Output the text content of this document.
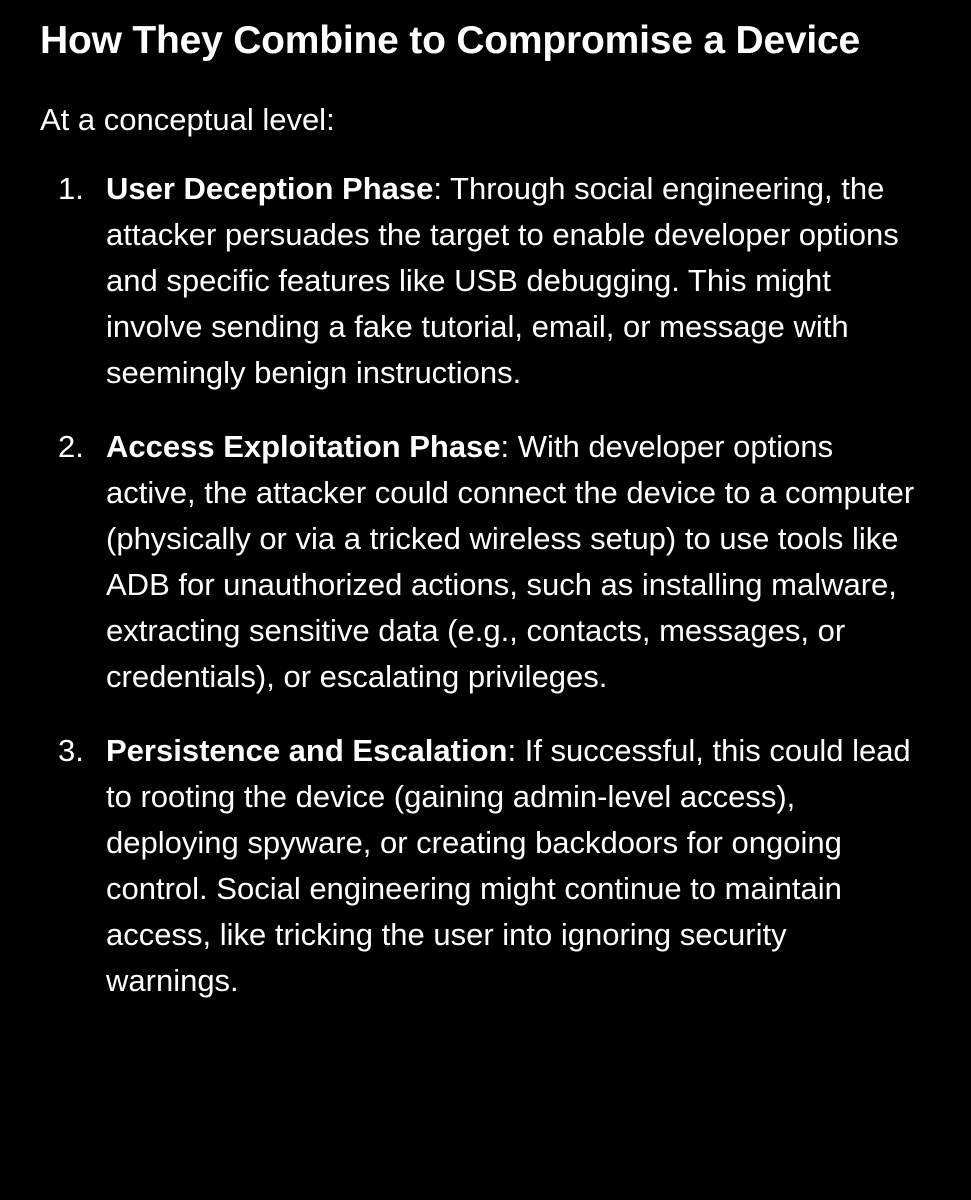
How They Combine to Compromise a Device

At a conceptual level:

1. User Deception Phase: Through social engineering, the attacker persuades the target to enable developer options and specific features like USB debugging. This might involve sending a fake tutorial, email, or message with seemingly benign instructions.
2. Access Exploitation Phase: With developer options active, the attacker could connect the device to a computer (physically or via a tricked wireless setup) to use tools like ADB for unauthorized actions, such as installing malware, extracting sensitive data (e.g., contacts, messages, or credentials), or escalating privileges.
3. Persistence and Escalation: If successful, this could lead to rooting the device (gaining admin-level access), deploying spyware, or creating backdoors for ongoing control. Social engineering might continue to maintain access, like tricking the user into ignoring security warnings.
